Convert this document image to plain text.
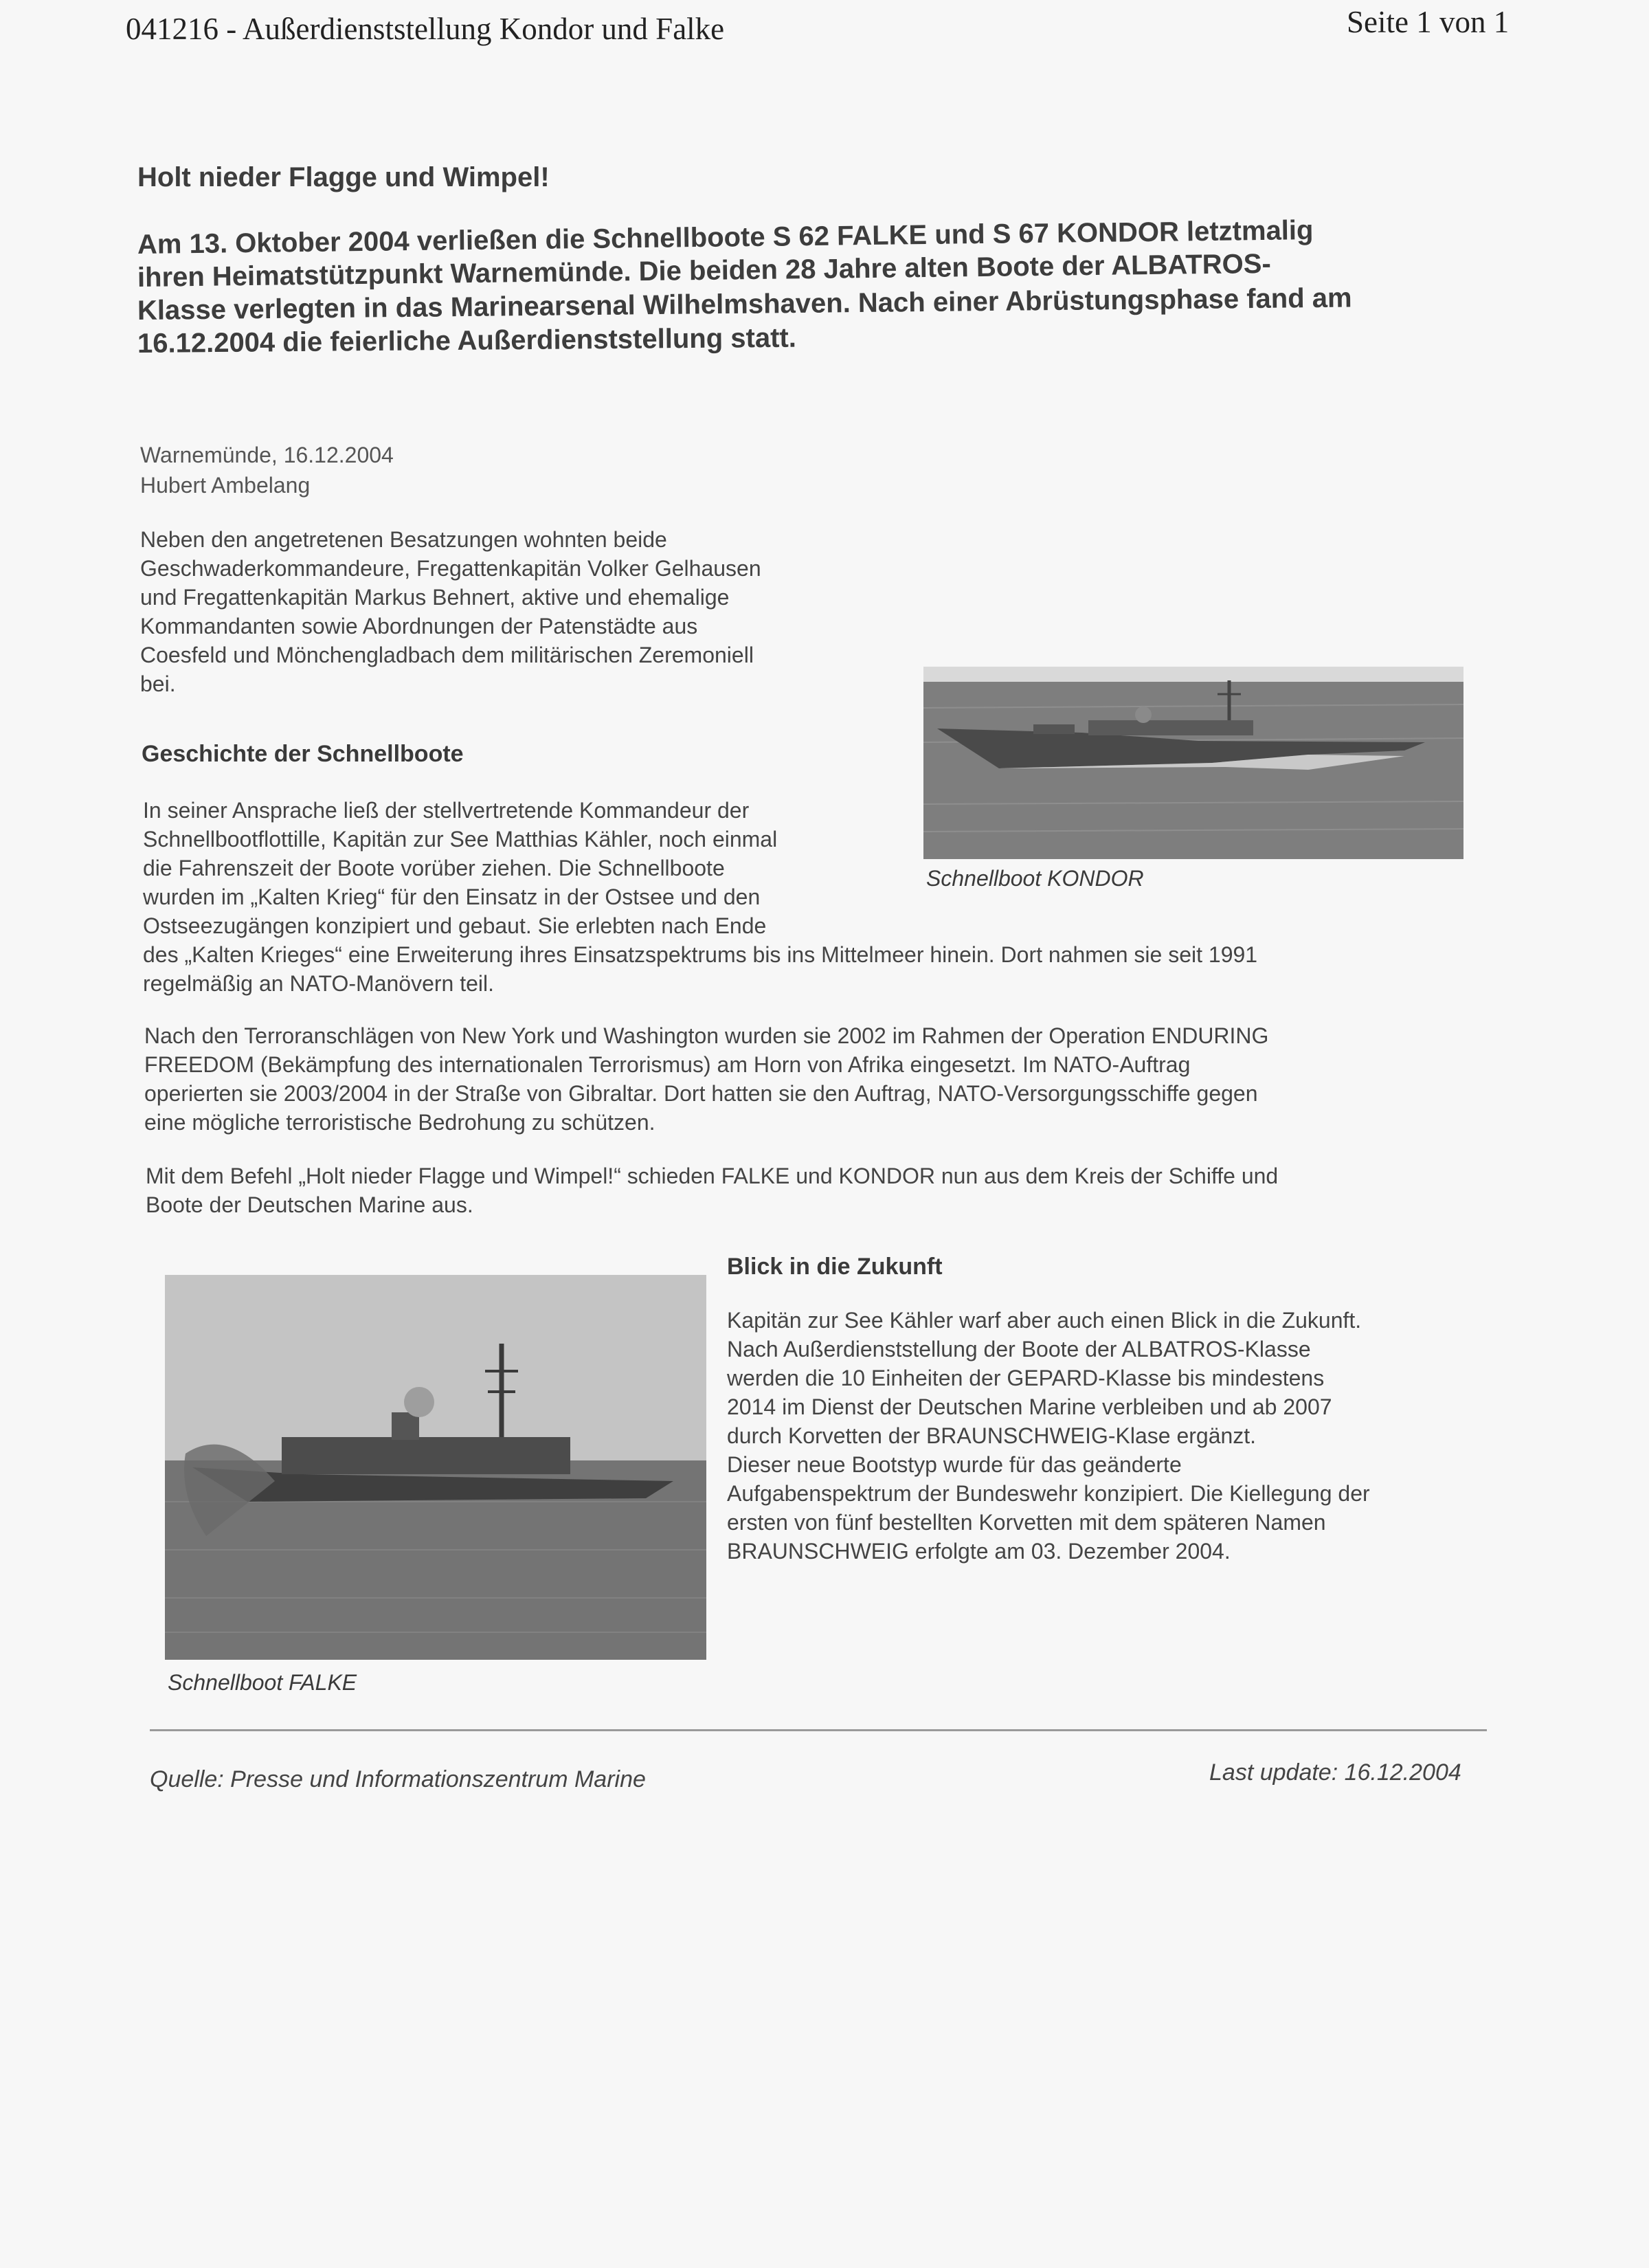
041216 - Außerdienststellung Kondor und Falke	Seite 1 von 1
Holt nieder Flagge und Wimpel!
Am 13. Oktober 2004 verließen die Schnellboote S 62 FALKE und S 67 KONDOR letztmalig
ihren Heimatstützpunkt Warnemünde. Die beiden 28 Jahre alten Boote der ALBATROS-
Klasse verlegten in das Marinearsenal Wilhelmshaven. Nach einer Abrüstungsphase fand am
16.12.2004 die feierliche Außerdienststellung statt.
Warnemünde, 16.12.2004
Hubert Ambelang
Neben den angetretenen Besatzungen wohnten beide
Geschwaderkommandeure, Fregattenkapitän Volker Gelhausen
und Fregattenkapitän Markus Behnert, aktive und ehemalige
Kommandanten sowie Abordnungen der Patenstädte aus
Coesfeld und Mönchengladbach dem militärischen Zeremoniell
bei.
Schnellboot KONDOR
Geschichte der Schnellboote
In seiner Ansprache ließ der stellvertretende Kommandeur der
Schnellbootflottille, Kapitän zur See Matthias Kähler, noch einmal
die Fahrenszeit der Boote vorüber ziehen. Die Schnellboote
wurden im „Kalten Krieg“ für den Einsatz in der Ostsee und den
Ostseezugängen konzipiert und gebaut. Sie erlebten nach Ende
des „Kalten Krieges“ eine Erweiterung ihres Einsatzspektrums bis ins Mittelmeer hinein. Dort nahmen sie seit 1991
regelmäßig an NATO-Manövern teil.
Nach den Terroranschlägen von New York und Washington wurden sie 2002 im Rahmen der Operation ENDURING
FREEDOM (Bekämpfung des internationalen Terrorismus) am Horn von Afrika eingesetzt. Im NATO-Auftrag
operierten sie 2003/2004 in der Straße von Gibraltar. Dort hatten sie den Auftrag, NATO-Versorgungsschiffe gegen
eine mögliche terroristische Bedrohung zu schützen.
Mit dem Befehl „Holt nieder Flagge und Wimpel!“ schieden FALKE und KONDOR nun aus dem Kreis der Schiffe und
Boote der Deutschen Marine aus.
Schnellboot FALKE
Blick in die Zukunft
Kapitän zur See Kähler warf aber auch einen Blick in die Zukunft.
Nach Außerdienststellung der Boote der ALBATROS-Klasse
werden die 10 Einheiten der GEPARD-Klasse bis mindestens
2014 im Dienst der Deutschen Marine verbleiben und ab 2007
durch Korvetten der BRAUNSCHWEIG-Klase ergänzt.
Dieser neue Bootstyp wurde für das geänderte
Aufgabenspektrum der Bundeswehr konzipiert. Die Kiellegung der
ersten von fünf bestellten Korvetten mit dem späteren Namen
BRAUNSCHWEIG erfolgte am 03. Dezember 2004.
Quelle: Presse und Informationszentrum Marine	Last update: 16.12.2004
